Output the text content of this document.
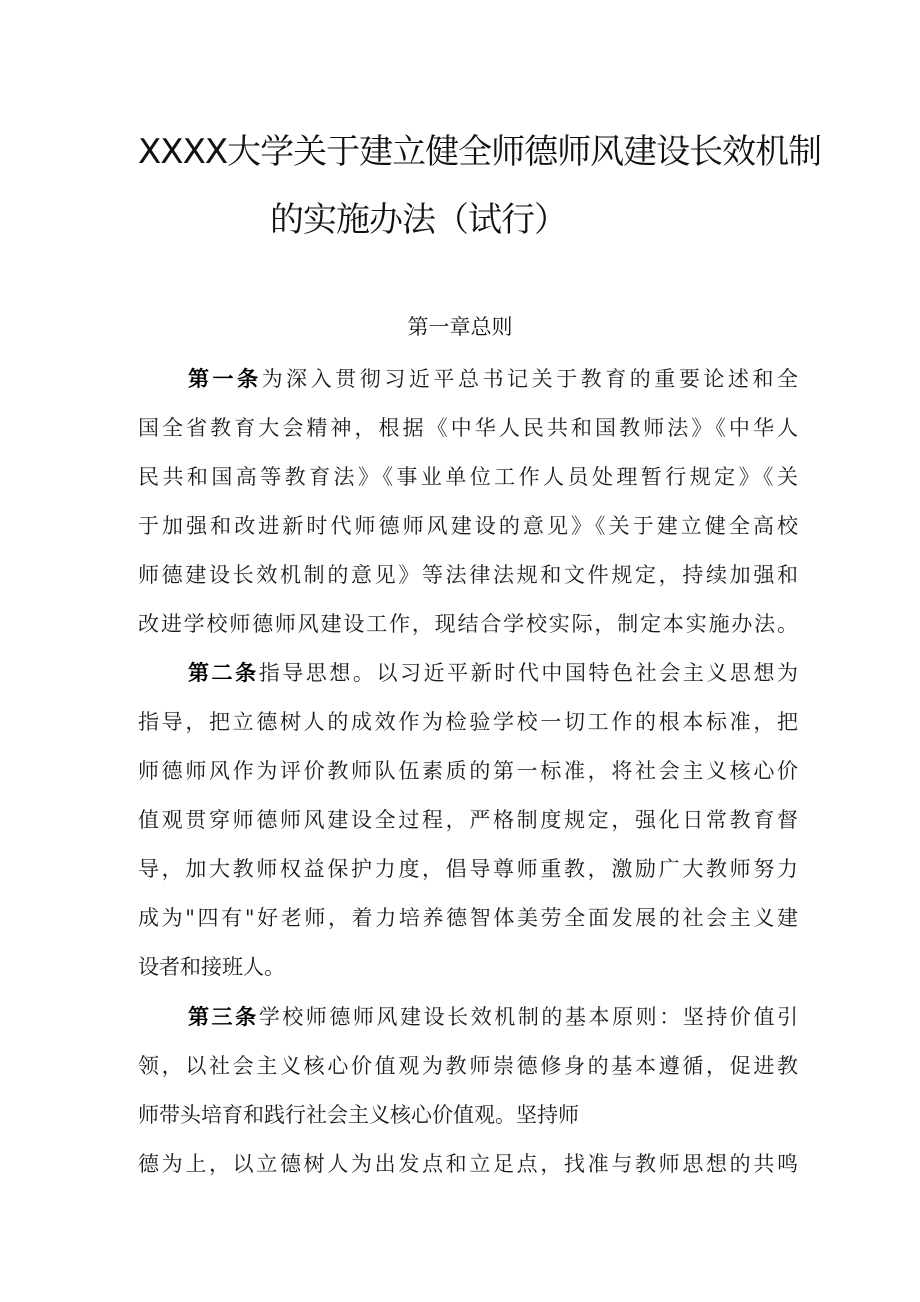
XXXX大学关于建立健全师德师风建设长效机制
的实施办法（试行）
第一章总则
第一条为深入贯彻习近平总书记关于教育的重要论述和全
国全省教育大会精神，根据《中华人民共和国教师法》《中华人
民共和国高等教育法》《事业单位工作人员处理暂行规定》《关
于加强和改进新时代师德师风建设的意见》《关于建立健全高校
师德建设长效机制的意见》等法律法规和文件规定，持续加强和
改进学校师德师风建设工作，现结合学校实际，制定本实施办法。
第二条指导思想。以习近平新时代中国特色社会主义思想为
指导，把立德树人的成效作为检验学校一切工作的根本标准，把
师德师风作为评价教师队伍素质的第一标准，将社会主义核心价
值观贯穿师德师风建设全过程，严格制度规定，强化日常教育督
导，加大教师权益保护力度，倡导尊师重教，激励广大教师努力
成为"四有"好老师，着力培养德智体美劳全面发展的社会主义建
设者和接班人。
第三条学校师德师风建设长效机制的基本原则：坚持价值引
领，以社会主义核心价值观为教师崇德修身的基本遵循，促进教
师带头培育和践行社会主义核心价值观。坚持师
德为上，以立德树人为出发点和立足点，找准与教师思想的共鸣
